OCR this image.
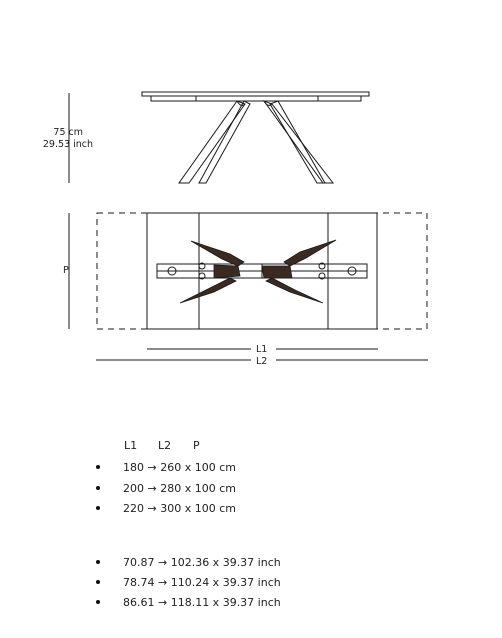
75 cm
29.53 inch
P
L1
L2
L1 L2 P
180 → 260 x 100 cm
200 → 280 x 100 cm
220 → 300 x 100 cm
70.87 → 102.36 x 39.37 inch
78.74 → 110.24 x 39.37 inch
86.61 → 118.11 x 39.37 inch
